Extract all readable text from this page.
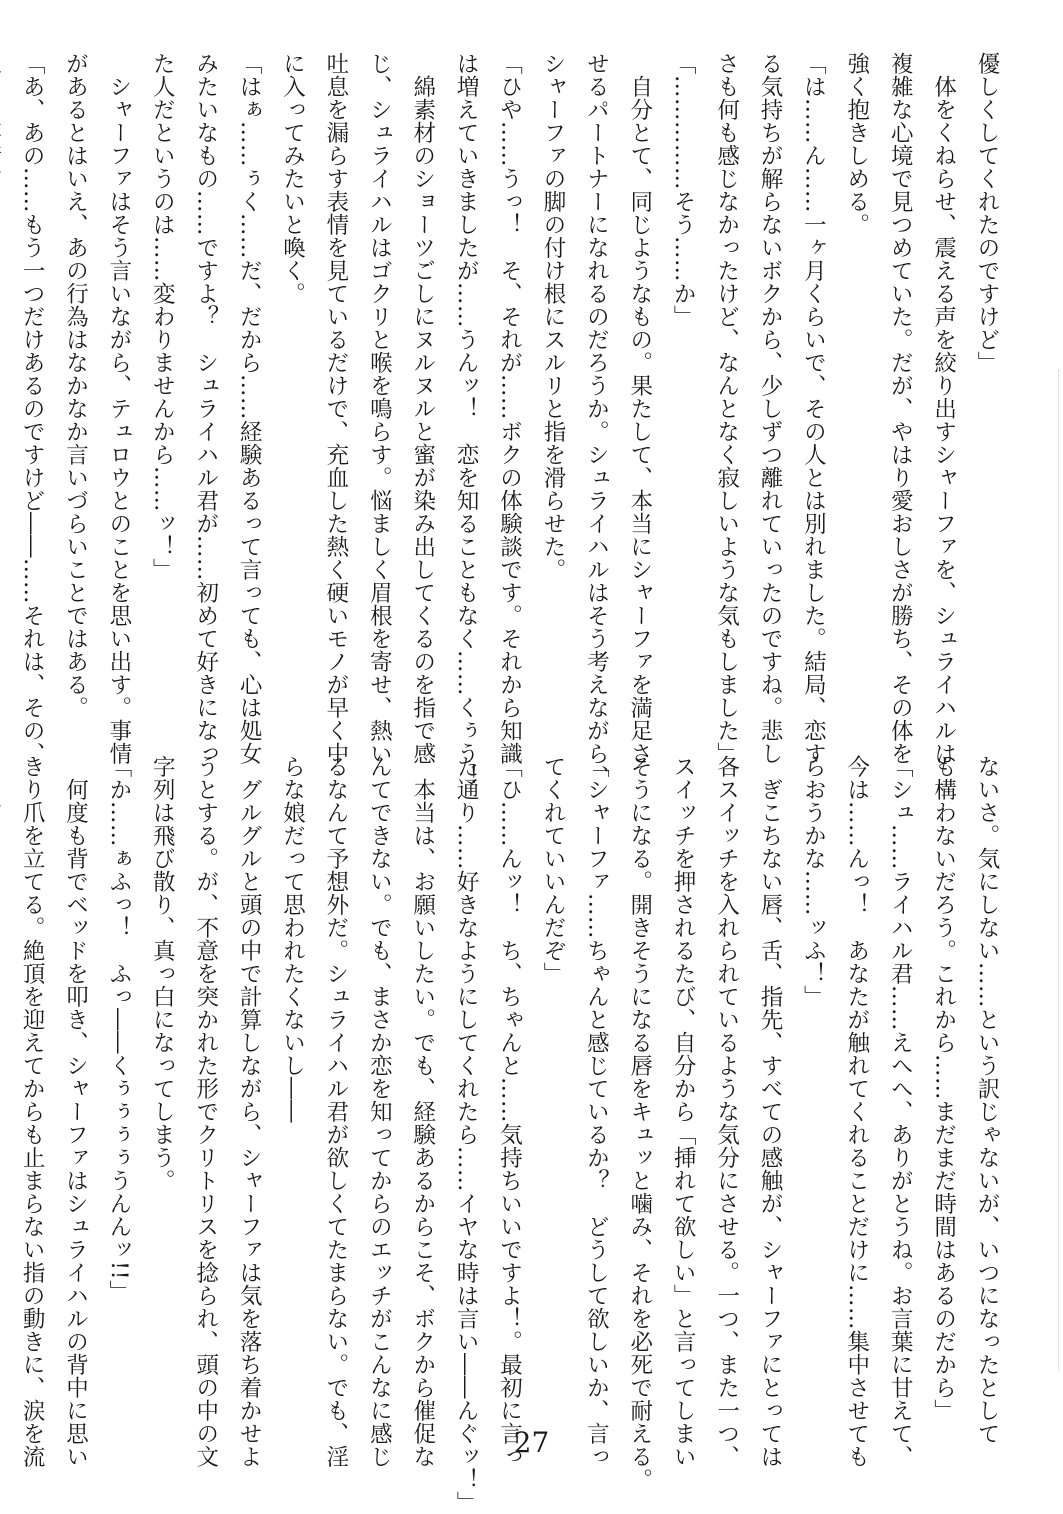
優しくしてくれたのですけど」
　体をくねらせ、震える声を絞り出すシャーファを、シュライハルは
複雑な心境で見つめていた。だが、やはり愛おしさが勝ち、その体を
強く抱きしめる。
「は……ん……一ヶ月くらいで、その人とは別れました。結局、恋す
る気持ちが解らないボクから、少しずつ離れていったのですね。悲し
さも何も感じなかったけど、なんとなく寂しいような気もしました」
「……………そう……か」
　自分とて、同じようなもの。果たして、本当にシャーファを満足さ
せるパートナーになれるのだろうか。シュライハルはそう考えながら、
シャーファの脚の付け根にスルリと指を滑らせた。
「ひや……うっ！　そ、それが……ボクの体験談です。それから知識
は増えていきましたが……うんッ！　恋を知ることもなく……くぅう！
　綿素材のショーツごしにヌルヌルと蜜が染み出してくるのを指で感
じ、シュライハルはゴクリと喉を鳴らす。悩ましく眉根を寄せ、熱い
吐息を漏らす表情を見ているだけで、充血した熱く硬いモノが早く中
に入ってみたいと喚く。
「はぁ……ぅく……だ、だから……経験あるって言っても、心は処女
みたいなもの……ですよ？　シュライハル君が……初めて好きになっ
た人だというのは……変わりませんから……ッ！」
　シャーファはそう言いながら、テュロウとのことを思い出す。事情
があるとはいえ、あの行為はなかなか言いづらいことではある。
「あ、あの……もう一つだけあるのですけど――……それは、その、
ないさ。気にしない……という訳じゃないが、いつになったとして
も構わないだろう。これから……まだまだ時間はあるのだから」
「シュ……ライハル君……えへへ、ありがとうね。お言葉に甘えて、
今は……んっ！　あなたが触れてくれることだけに……集中させても
らおうかな……ッふ！」
　ぎこちない唇、舌、指先、すべての感触が、シャーファにとっては
各スイッチを入れられているような気分にさせる。一つ、また一つ、
スイッチを押されるたび、自分から「挿れて欲しい」と言ってしまい
そうになる。開きそうになる唇をキュッと噛み、それを必死で耐える。
「シャーファ……ちゃんと感じているか？　どうして欲しいか、言っ
てくれていいんだぞ」
「ひ……んッ！　ち、ちゃんと……気持ちいいですよ！。最初に言っ
た通り……好きなようにしてくれたら……イヤな時は言い――んぐッ！」
　本当は、お願いしたい。でも、経験あるからこそ、ボクから催促な
んてできない。でも、まさか恋を知ってからのエッチがこんなに感じ
るなんて予想外だ。シュライハル君が欲しくてたまらない。でも、淫
らな娘だって思われたくないし――
　グルグルと頭の中で計算しながら、シャーファは気を落ち着かせよ
うとする。が、不意を突かれた形でクリトリスを捻られ、頭の中の文
字列は飛び散り、真っ白になってしまう。
「か……ぁふっ！　ふっ――くぅぅぅぅうんんッ!!」
　何度も背でベッドを叩き、シャーファはシュライハルの背中に思い
きり爪を立てる。絶頂を迎えてからも止まらない指の動きに、涙を流	27
